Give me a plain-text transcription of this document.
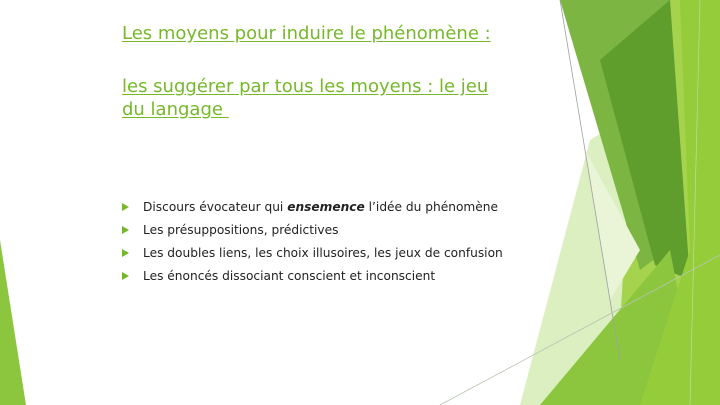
Les moyens pour induire le phénomène :
les suggérer par tous les moyens : le jeu
du langage
Discours évocateur qui ensemence l’idée du phénomène
Les présuppositions, prédictives
Les doubles liens, les choix illusoires, les jeux de confusion
Les énoncés dissociant conscient et inconscient
